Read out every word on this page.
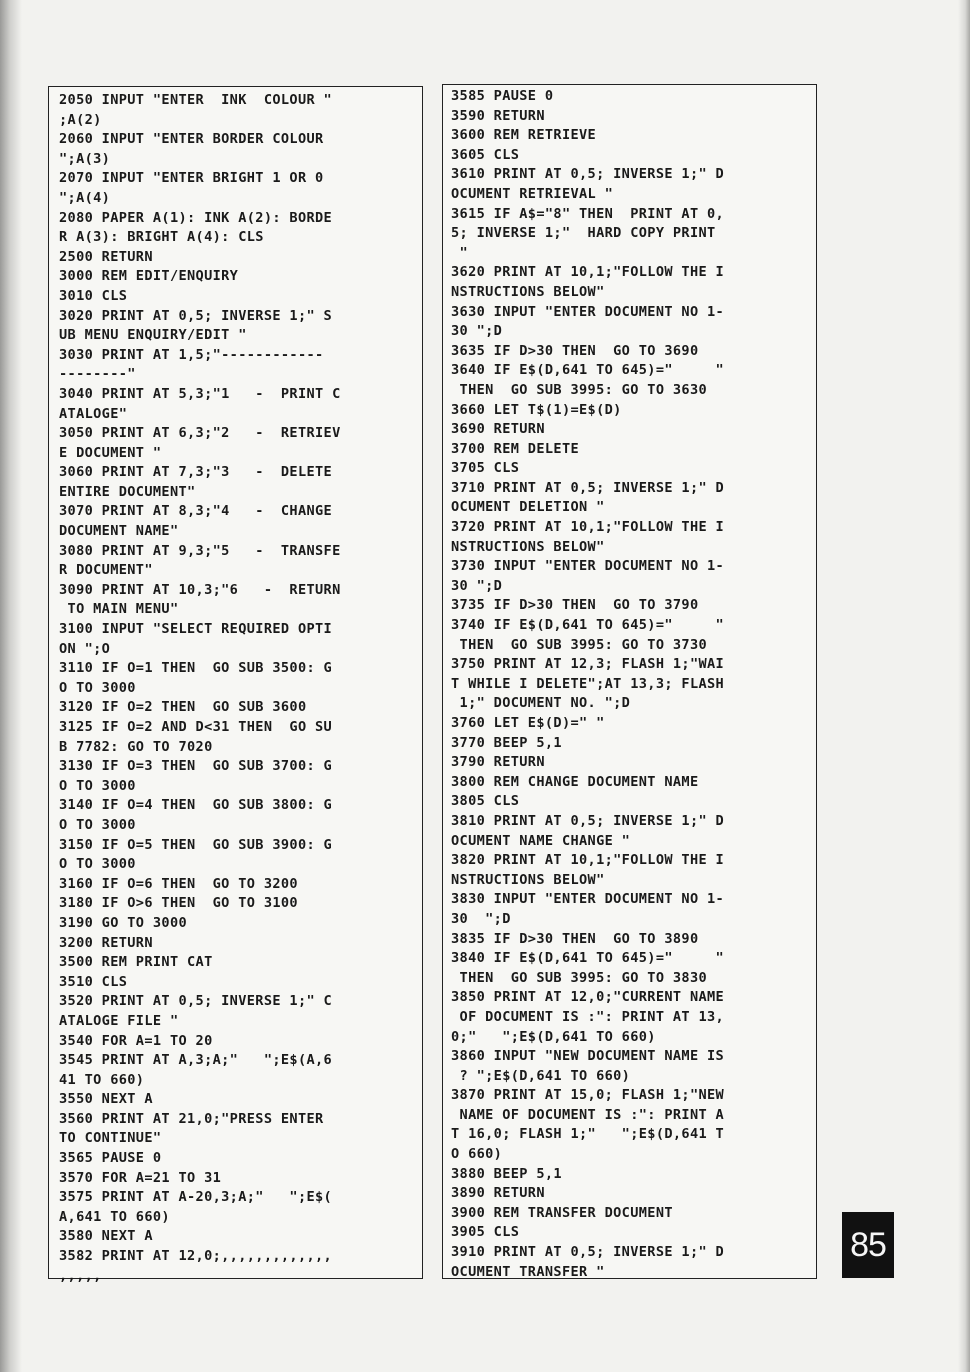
2050 INPUT "ENTER  INK  COLOUR "
;A(2)
2060 INPUT "ENTER BORDER COLOUR
";A(3)
2070 INPUT "ENTER BRIGHT 1 OR 0
";A(4)
2080 PAPER A(1): INK A(2): BORDE
R A(3): BRIGHT A(4): CLS
2500 RETURN
3000 REM EDIT/ENQUIRY
3010 CLS
3020 PRINT AT 0,5; INVERSE 1;" S
UB MENU ENQUIRY/EDIT "
3030 PRINT AT 1,5;"------------
--------"
3040 PRINT AT 5,3;"1   -  PRINT C
ATALOGE"
3050 PRINT AT 6,3;"2   -  RETRIEV
E DOCUMENT "
3060 PRINT AT 7,3;"3   -  DELETE
ENTIRE DOCUMENT"
3070 PRINT AT 8,3;"4   -  CHANGE
DOCUMENT NAME"
3080 PRINT AT 9,3;"5   -  TRANSFE
R DOCUMENT"
3090 PRINT AT 10,3;"6   -  RETURN
TO MAIN MENU"
3100 INPUT "SELECT REQUIRED OPTI
ON ";O
3110 IF O=1 THEN  GO SUB 3500: G
O TO 3000
3120 IF O=2 THEN  GO SUB 3600
3125 IF O=2 AND D<31 THEN  GO SU
B 7782: GO TO 7020
3130 IF O=3 THEN  GO SUB 3700: G
O TO 3000
3140 IF O=4 THEN  GO SUB 3800: G
O TO 3000
3150 IF O=5 THEN  GO SUB 3900: G
O TO 3000
3160 IF O=6 THEN  GO TO 3200
3180 IF O>6 THEN  GO TO 3100
3190 GO TO 3000
3200 RETURN
3500 REM PRINT CAT
3510 CLS
3520 PRINT AT 0,5; INVERSE 1;" C
ATALOGE FILE "
3540 FOR A=1 TO 20
3545 PRINT AT A,3;A;"   ";E$(A,6
41 TO 660)
3550 NEXT A
3560 PRINT AT 21,0;"PRESS ENTER
TO CONTINUE"
3565 PAUSE 0
3570 FOR A=21 TO 31
3575 PRINT AT A-20,3;A;"   ";E$(
A,641 TO 660)
3580 NEXT A
3582 PRINT AT 12,0;,,,,,,,,,,,,,
,,,,,
3585 PAUSE 0
3590 RETURN
3600 REM RETRIEVE
3605 CLS
3610 PRINT AT 0,5; INVERSE 1;" D
OCUMENT RETRIEVAL "
3615 IF A$="8" THEN  PRINT AT 0,
5; INVERSE 1;"  HARD COPY PRINT
"
3620 PRINT AT 10,1;"FOLLOW THE I
NSTRUCTIONS BELOW"
3630 INPUT "ENTER DOCUMENT NO 1-
30 ";D
3635 IF D>30 THEN  GO TO 3690
3640 IF E$(D,641 TO 645)="     "
THEN  GO SUB 3995: GO TO 3630
3660 LET T$(1)=E$(D)
3690 RETURN
3700 REM DELETE
3705 CLS
3710 PRINT AT 0,5; INVERSE 1;" D
OCUMENT DELETION "
3720 PRINT AT 10,1;"FOLLOW THE I
NSTRUCTIONS BELOW"
3730 INPUT "ENTER DOCUMENT NO 1-
30 ";D
3735 IF D>30 THEN  GO TO 3790
3740 IF E$(D,641 TO 645)="     "
THEN  GO SUB 3995: GO TO 3730
3750 PRINT AT 12,3; FLASH 1;"WAI
T WHILE I DELETE";AT 13,3; FLASH
1;" DOCUMENT NO. ";D
3760 LET E$(D)=" "
3770 BEEP 5,1
3790 RETURN
3800 REM CHANGE DOCUMENT NAME
3805 CLS
3810 PRINT AT 0,5; INVERSE 1;" D
OCUMENT NAME CHANGE "
3820 PRINT AT 10,1;"FOLLOW THE I
NSTRUCTIONS BELOW"
3830 INPUT "ENTER DOCUMENT NO 1-
30  ";D
3835 IF D>30 THEN  GO TO 3890
3840 IF E$(D,641 TO 645)="     "
THEN  GO SUB 3995: GO TO 3830
3850 PRINT AT 12,0;"CURRENT NAME
OF DOCUMENT IS :": PRINT AT 13,
0;"   ";E$(D,641 TO 660)
3860 INPUT "NEW DOCUMENT NAME IS
? ";E$(D,641 TO 660)
3870 PRINT AT 15,0; FLASH 1;"NEW
NAME OF DOCUMENT IS :": PRINT A
T 16,0; FLASH 1;"   ";E$(D,641 T
O 660)
3880 BEEP 5,1
3890 RETURN
3900 REM TRANSFER DOCUMENT
3905 CLS
3910 PRINT AT 0,5; INVERSE 1;" D
OCUMENT TRANSFER "
85
